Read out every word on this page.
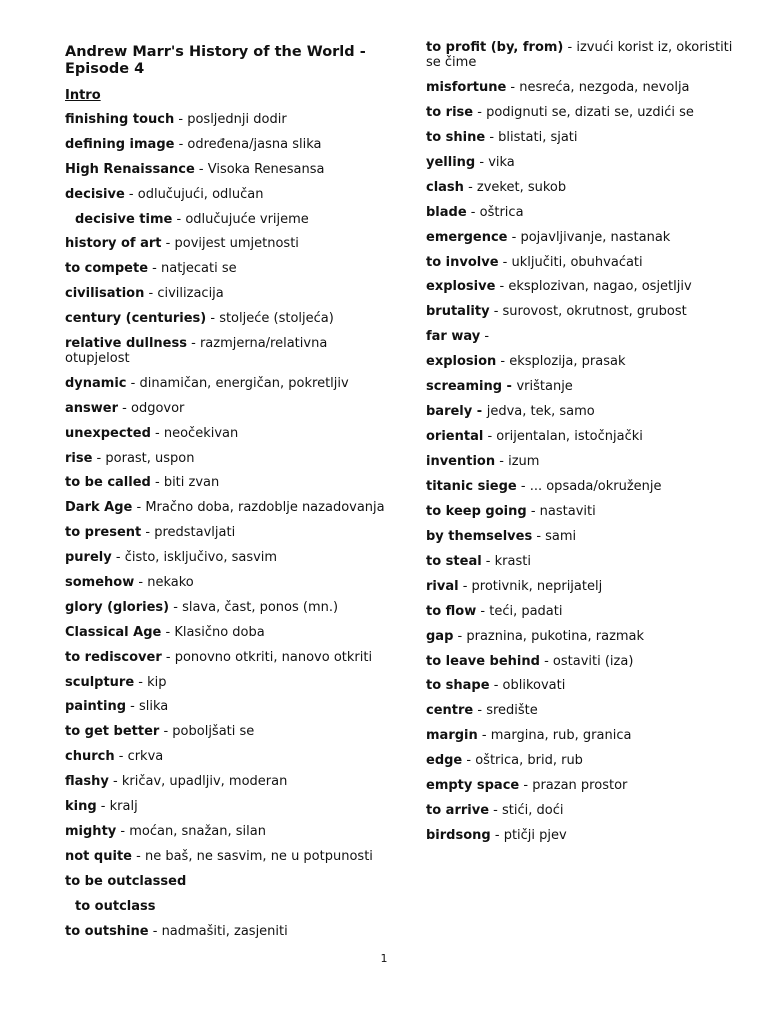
Andrew Marr's History of the World -
Episode 4
Intro
finishing touch - posljednji dodir
defining image - određena/jasna slika
High Renaissance - Visoka Renesansa
decisive - odlučujući, odlučan
decisive time - odlučujuće vrijeme
history of art - povijest umjetnosti
to compete - natjecati se
civilisation - civilizacija
century (centuries) - stoljeće (stoljeća)
relative dullness - razmjerna/relativna otupjelost
dynamic - dinamičan, energičan, pokretljiv
answer - odgovor
unexpected - neočekivan
rise - porast, uspon
to be called - biti zvan
Dark Age - Mračno doba, razdoblje nazadovanja
to present - predstavljati
purely - čisto, isključivo, sasvim
somehow - nekako
glory (glories) - slava, čast, ponos (mn.)
Classical Age - Klasično doba
to rediscover - ponovno otkriti, nanovo otkriti
sculpture - kip
painting - slika
to get better - poboljšati se
church - crkva
flashy - kričav, upadljiv, moderan
king - kralj
mighty - moćan, snažan, silan
not quite - ne baš, ne sasvim, ne u potpunosti
to be outclassed
to outclass
to outshine - nadmašiti, zasjeniti
to profit (by, from) - izvući korist iz, okoristiti se čime
misfortune - nesreća, nezgoda, nevolja
to rise - podignuti se, dizati se, uzdići se
to shine - blistati, sjati
yelling - vika
clash - zveket, sukob
blade - oštrica
emergence - pojavljivanje, nastanak
to involve - uključiti, obuhvaćati
explosive - eksplozivan, nagao, osjetljiv
brutality - surovost, okrutnost, grubost
far way -
explosion - eksplozija, prasak
screaming - vrištanje
barely - jedva, tek, samo
oriental - orijentalan, istočnjački
invention - izum
titanic siege - ... opsada/okruženje
to keep going - nastaviti
by themselves - sami
to steal - krasti
rival - protivnik, neprijatelj
to flow - teći, padati
gap - praznina, pukotina, razmak
to leave behind - ostaviti (iza)
to shape - oblikovati
centre - središte
margin - margina, rub, granica
edge - oštrica, brid, rub
empty space - prazan prostor
to arrive - stići, doći
birdsong - ptičji pjev
1
